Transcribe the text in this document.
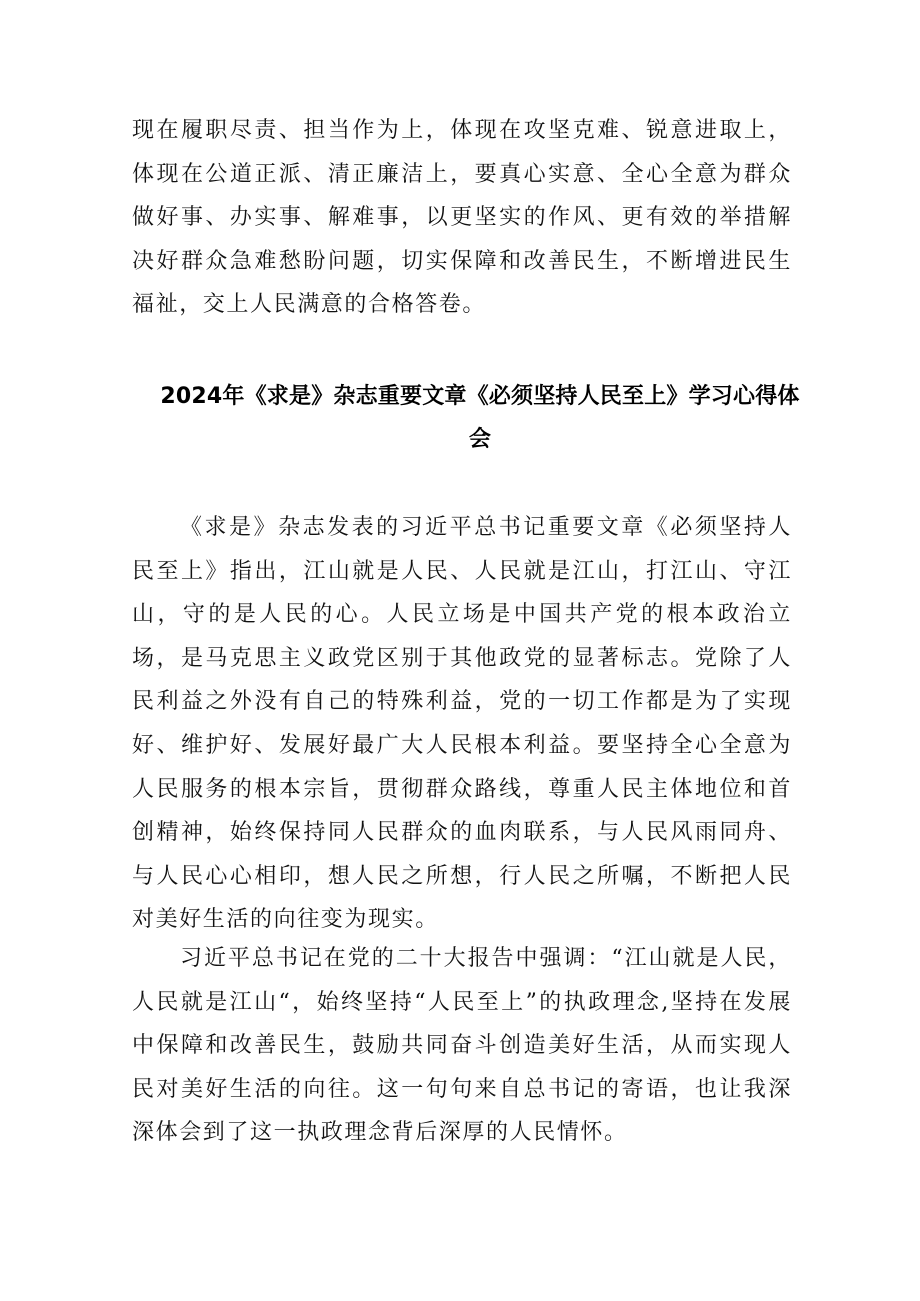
现在履职尽责、担当作为上，体现在攻坚克难、锐意进取上，体现在公道正派、清正廉洁上，要真心实意、全心全意为群众做好事、办实事、解难事，以更坚实的作风、更有效的举措解决好群众急难愁盼问题，切实保障和改善民生，不断增进民生福祉，交上人民满意的合格答卷。

2024年《求是》杂志重要文章《必须坚持人民至上》学习心得体会

《求是》杂志发表的习近平总书记重要文章《必须坚持人民至上》指出，江山就是人民、人民就是江山，打江山、守江山，守的是人民的心。人民立场是中国共产党的根本政治立场，是马克思主义政党区别于其他政党的显著标志。党除了人民利益之外没有自己的特殊利益，党的一切工作都是为了实现好、维护好、发展好最广大人民根本利益。要坚持全心全意为人民服务的根本宗旨，贯彻群众路线，尊重人民主体地位和首创精神，始终保持同人民群众的血肉联系，与人民风雨同舟、与人民心心相印，想人民之所想，行人民之所嘱，不断把人民对美好生活的向往变为现实。

习近平总书记在党的二十大报告中强调：“江山就是人民，人民就是江山“，始终坚持“人民至上”的执政理念,坚持在发展中保障和改善民生，鼓励共同奋斗创造美好生活，从而实现人民对美好生活的向往。这一句句来自总书记的寄语，也让我深深体会到了这一执政理念背后深厚的人民情怀。
